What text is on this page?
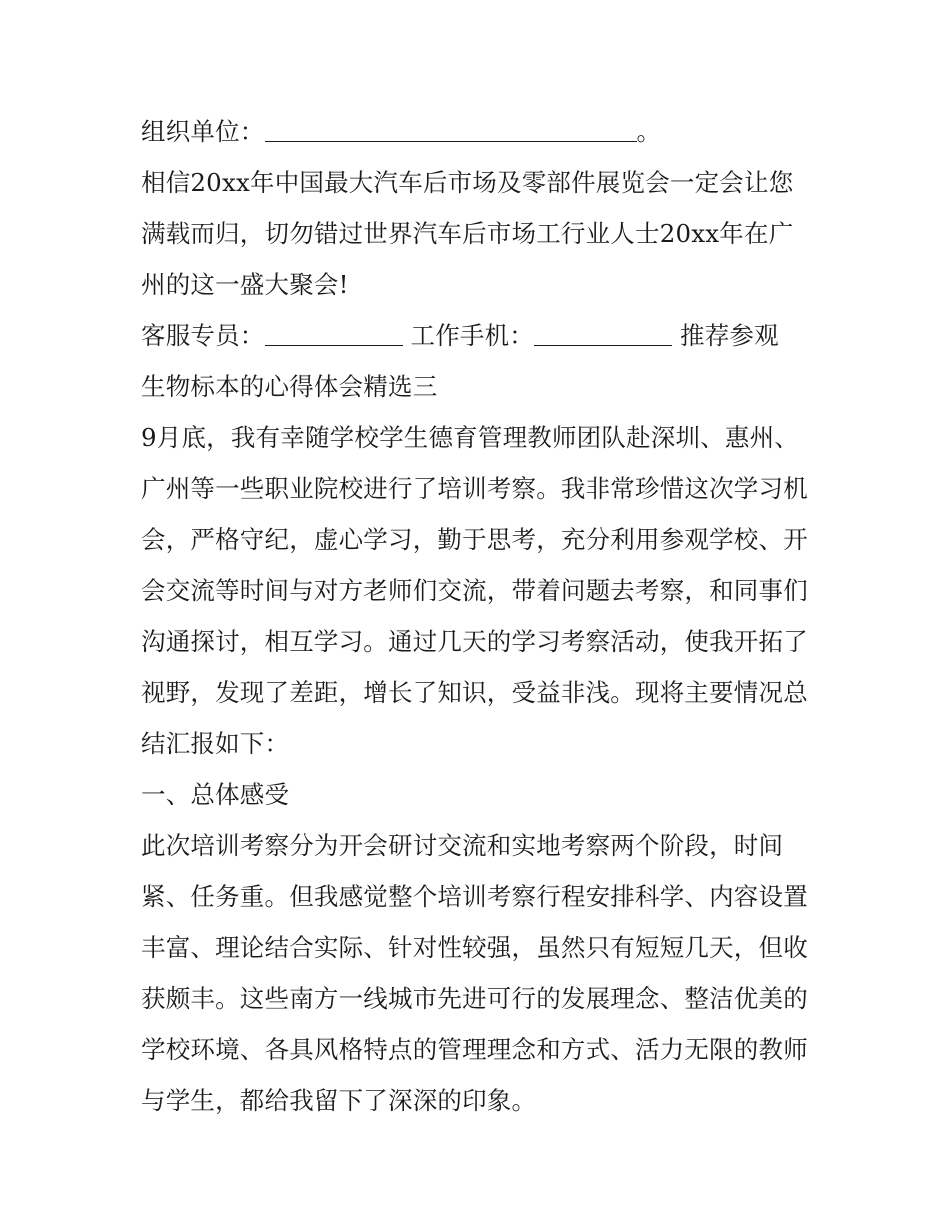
组织单位：	。
相信20xx年中国最大汽车后市场及零部件展览会一定会让您
满载而归，切勿错过世界汽车后市场工行业人士20xx年在广
州的这一盛大聚会!
客服专员：	工作手机：	推荐参观
生物标本的心得体会精选三
9月底，我有幸随学校学生德育管理教师团队赴深圳、惠州、
广州等一些职业院校进行了培训考察。我非常珍惜这次学习机
会，严格守纪，虚心学习，勤于思考，充分利用参观学校、开
会交流等时间与对方老师们交流，带着问题去考察，和同事们
沟通探讨，相互学习。通过几天的学习考察活动，使我开拓了
视野，发现了差距，增长了知识，受益非浅。现将主要情况总
结汇报如下：
一、总体感受
此次培训考察分为开会研讨交流和实地考察两个阶段，时间
紧、任务重。但我感觉整个培训考察行程安排科学、内容设置
丰富、理论结合实际、针对性较强，虽然只有短短几天，但收
获颇丰。这些南方一线城市先进可行的发展理念、整洁优美的
学校环境、各具风格特点的管理理念和方式、活力无限的教师
与学生，都给我留下了深深的印象。
